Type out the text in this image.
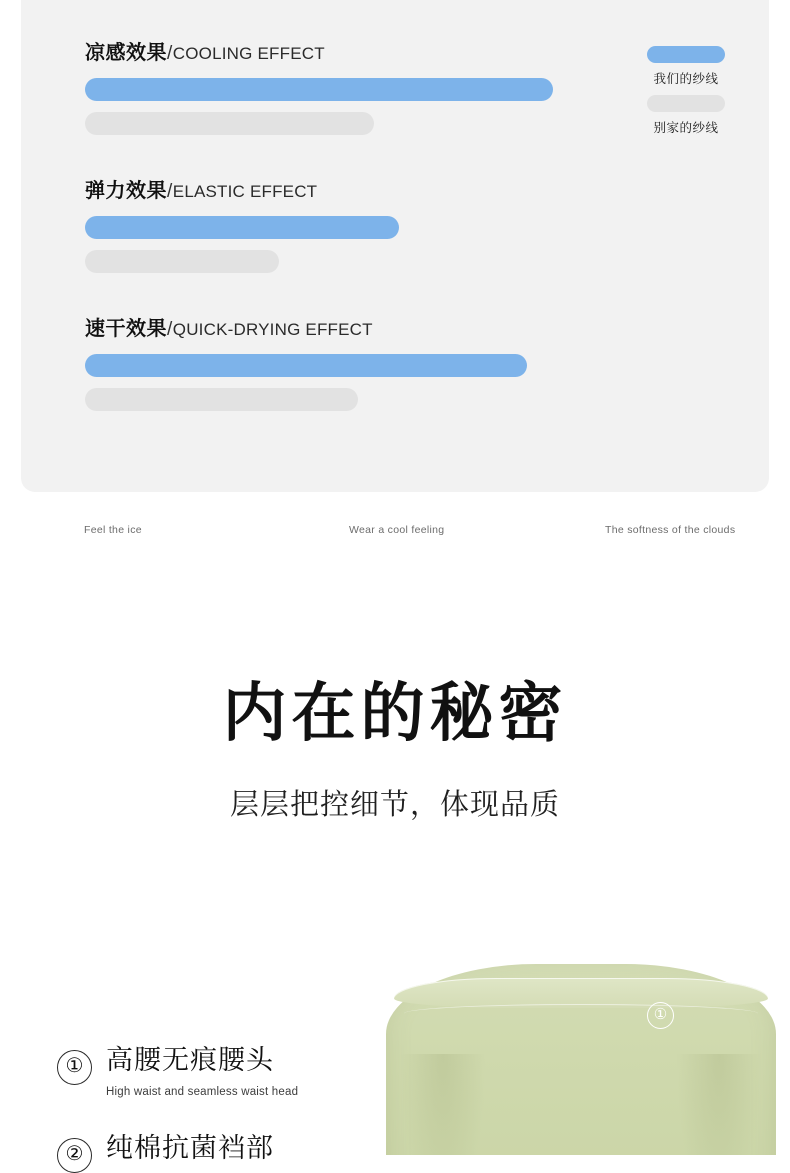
凉感效果/COOLING EFFECT
弹力效果/ELASTIC EFFECT
速干效果/QUICK-DRYING EFFECT
我们的纱线
别家的纱线
Feel the ice	Wear a cool feeling	The softness of the clouds
内在的秘密
层层把控细节，体现品质
①
① 高腰无痕腰头
High waist and seamless waist head
② 纯棉抗菌裆部
